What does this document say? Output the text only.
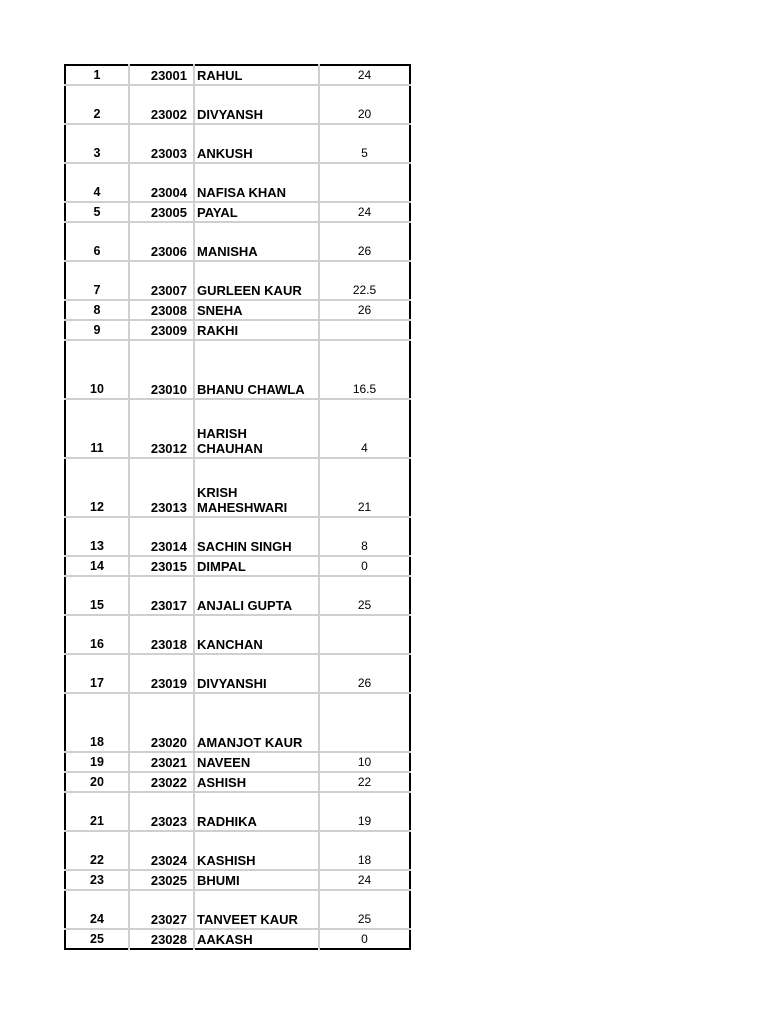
1	23001	RAHUL	24
2	23002	DIVYANSH	20
3	23003	ANKUSH	5
4	23004	NAFISA KHAN	
5	23005	PAYAL	24
6	23006	MANISHA	26
7	23007	GURLEEN KAUR	22.5
8	23008	SNEHA	26
9	23009	RAKHI	
10	23010	BHANU CHAWLA	16.5
11	23012	HARISH CHAUHAN	4
12	23013	KRISH MAHESHWARI	21
13	23014	SACHIN SINGH	8
14	23015	DIMPAL	0
15	23017	ANJALI GUPTA	25
16	23018	KANCHAN	
17	23019	DIVYANSHI	26
18	23020	AMANJOT KAUR	
19	23021	NAVEEN	10
20	23022	ASHISH	22
21	23023	RADHIKA	19
22	23024	KASHISH	18
23	23025	BHUMI	24
24	23027	TANVEET KAUR	25
25	23028	AAKASH	0
